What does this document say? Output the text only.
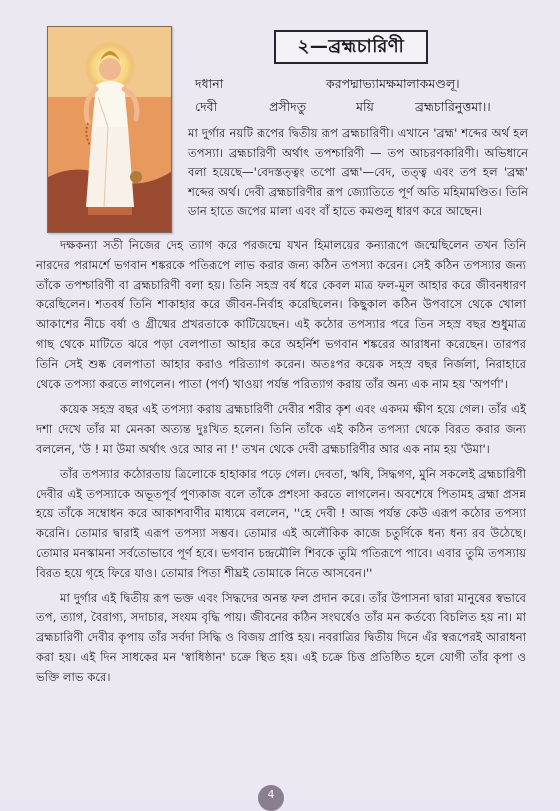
২—ব্রহ্মচারিণী
দধানা	করপদ্মাভ্যামক্ষমালাকমণ্ডলূ।
দেবী	প্রসীদতু	ময়ি	ব্রহ্মচারিনুত্তমা।।

মা দুর্গার নয়টি রূপের দ্বিতীয় রূপ ব্রহ্মচারিণী। এখানে 'ব্রহ্ম' শব্দের অর্থ হল তপস্যা। ব্রহ্মচারিণী অর্থাৎ তপশ্চারিণী — তপ আচরণকারিণী। অভিধানে বলা হয়েছে—'বেদস্তত্ত্বং তপো ব্রহ্ম'—বেদ, তত্ত্ব এবং তপ হল 'ব্রহ্ম' শব্দের অর্থ। দেবী ব্রহ্মচারিণীর রূপ জ্যোতিতে পূর্ণ অতি মহিমামণ্ডিত। তিনি ডান হাতে জপের মালা এবং বাঁ হাতে কমণ্ডলু ধারণ করে আছেন।

দক্ষকন্যা সতী নিজের দেহ ত্যাগ করে পরজন্মে যখন হিমালয়ের কন্যারূপে জন্মেছিলেন তখন তিনি নারদের পরামর্শে ভগবান শঙ্করকে পতিরূপে লাভ করার জন্য কঠিন তপস্যা করেন। সেই কঠিন তপস্যার জন্য তাঁকে তপশ্চারিণী বা ব্রহ্মচারিণী বলা হয়। তিনি সহস্র বর্ষ ধরে কেবল মাত্র ফল-মূল আহার করে জীবনধারণ করেছিলেন। শতবর্ষ তিনি শাকাহার করে জীবন-নির্বাহ করেছিলেন। কিছুকাল কঠিন উপবাসে থেকে খোলা আকাশের নীচে বর্ষা ও গ্রীষ্মের প্রখরতাকে কাটিয়েছেন। এই কঠোর তপস্যার পরে তিন সহস্র বছর শুধুমাত্র গাছ থেকে মাটিতে ঝরে পড়া বেলপাতা আহার করে অহর্নিশ ভগবান শঙ্করের আরাধনা করেছেন। তারপর তিনি সেই শুষ্ক বেলপাতা আহার করাও পরিত্যাগ করেন। অতঃপর কয়েক সহস্র বছর নির্জলা, নিরাহারে থেকে তপস্যা করতে লাগলেন। পাতা (পর্ণ) খাওয়া পর্যন্ত পরিত্যাগ করায় তাঁর অন্য এক নাম হয় 'অপর্ণা'।

কয়েক সহস্র বছর এই তপস্যা করায় ব্রহ্মচারিণী দেবীর শরীর কৃশ এবং একদম ক্ষীণ হয়ে গেল। তাঁর এই দশা দেখে তাঁর মা মেনকা অত্যন্ত দুঃখিত হলেন। তিনি তাঁকে এই কঠিন তপস্যা থেকে বিরত করার জন্য বললেন, 'উ ! মা উমা অর্থাৎ ওরে আর না !' তখন থেকে দেবী ব্রহ্মচারিণীর আর এক নাম হয় 'উমা'।

তাঁর তপস্যার কঠোরতায় ত্রিলোকে হাহাকার পড়ে গেল। দেবতা, ঋষি, সিদ্ধগণ, মুনি সকলেই ব্রহ্মচারিণী দেবীর এই তপস্যাকে অভূতপূর্ব পুণ্যকাজ বলে তাঁকে প্রশংসা করতে লাগলেন। অবশেষে পিতামহ ব্রহ্মা প্রসন্ন হয়ে তাঁকে সম্বোধন করে আকাশবাণীর মাধ্যমে বললেন, ''হে দেবী ! আজ পর্যন্ত কেউ এরূপ কঠোর তপস্যা করেনি। তোমার দ্বারাই এরূপ তপস্যা সম্ভব। তোমার এই অলৌকিক কাজে চতুর্দিকে ধন্য ধন্য রব উঠেছে। তোমার মনস্কামনা সর্বতোভাবে পূর্ণ হবে। ভগবান চন্দ্রমৌলি শিবকে তুমি পতিরূপে পাবে। এবার তুমি তপস্যায় বিরত হয়ে গৃহে ফিরে যাও। তোমার পিতা শীঘ্রই তোমাকে নিতে আসবেন।''

মা দুর্গার এই দ্বিতীয় রূপ ভক্ত এবং সিদ্ধদের অনন্ত ফল প্রদান করে। তাঁর উপাসনা দ্বারা মানুষের স্বভাবে তপ, ত্যাগ, বৈরাগ্য, সদাচার, সংযম বৃদ্ধি পায়। জীবনের কঠিন সংঘর্ষেও তাঁর মন কর্তব্যে বিচলিত হয় না। মা ব্রহ্মচারিণী দেবীর কৃপায় তাঁর সর্বদা সিদ্ধি ও বিজয় প্রাপ্তি হয়। নবরাত্রির দ্বিতীয় দিনে এঁর স্বরূপেরই আরাধনা করা হয়। এই দিন সাধকের মন 'স্বাধিষ্ঠান' চক্রে স্থিত হয়। এই চক্রে চিত্ত প্রতিষ্ঠিত হলে যোগী তাঁর কৃপা ও ভক্তি লাভ করে।

4
